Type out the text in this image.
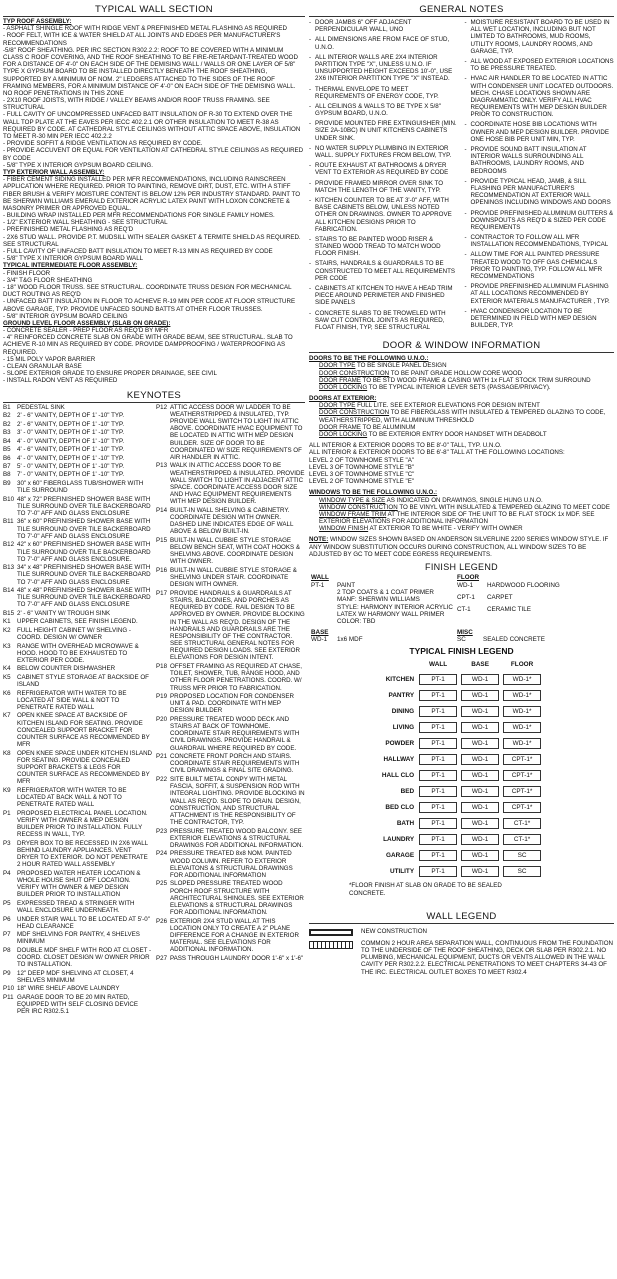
TYPICAL WALL SECTION
TYP ROOF ASSEMBLY:
- ASPHALT SHINGLE ROOF WITH RIDGE VENT & PREFINISHED METAL FLASHING AS REQUIRED
- ROOF FELT, WITH ICE & WATER SHIELD AT ALL JOINTS AND EDGES PER MANUFACTURER'S RECOMMENDATIONS
-5/8" ROOF SHEATHING. PER IRC SECTION R302.2.2: ROOF TO BE COVERED WITH A MINIMUM CLASS C ROOF COVERING, AND THE ROOF SHEATHING TO BE FIRE-RETARDANT-TREATED WOOD FOR A DISTANCE OF 4'-0" ON EACH SIDE OF THE DEMISING WALL / WALLS OR ONE LAYER OF 5/8" TYPE X GYPSUM BOARD TO BE INSTALLED DIRECTLY BENEATH THE ROOF SHEATHING, SUPPORTED BY A MINIMUM OF NOM. 2" LEDGERS ATTACHED TO THE SIDES OF THE ROOF FRAMING MEMBERS, FOR A MINIMUM DISTANCE OF 4'-0" ON EACH SIDE OF THE DEMISING WALL. NO ROOF PENETRATIONS IN THIS ZONE
- 2X10 ROOF JOISTS, WITH RIDGE / VALLEY BEAMS AND/OR ROOF TRUSS FRAMING. SEE STRUCTURAL
- FULL CAVITY OF UNCOMPRESSED UNFACED BATT INSULATION OF R-30 TO EXTEND OVER THE WALL TOP PLATE AT THE EAVES PER IECC 402.2.1 OR OTHER INSULATION TO MEET R-38 AS REQUIRED BY CODE. AT CATHEDRAL STYLE CEILINGS WITHOUT ATTIC SPACE ABOVE, INSULATION TO MEET R-30 MIN PER IECC 402.2.2
- PROVIDE SOFFIT & RIDGE VENTILATION AS REQUIRED BY CODE.
- PROVIDE ACCUVENT OR EQUAL FOR VENTILATION AT CATHEDRAL STYLE CEILINGS AS REQUIRED BY CODE
- 5/8" TYPE X INTERIOR GYPSUM BOARD CEILING.
TYP EXTERIOR WALL ASSEMBLY:
- FIBER CEMENT SIDING INSTALLED PER MFR RECOMMENDATIONS, INCLUDING RAINSCREEN APPLICATION WHERE REQUIRED. PRIOR TO PAINTING, REMOVE DIRT, DUST, ETC. WITH A STIFF FIBER BRUSH & VERIFY MOISTURE CONTENT IS BELOW 12% PER INDUSTRY STANDARD. PAINT TO BE SHERWIN WILLIAMS EMERALD EXTERIOR ACRYLIC LATEX PAINT WITH LOXON CONCRETE & MASONRY PRIMER OR APPROVED EQUAL.
- BUILDING WRAP INSTALLED PER MFR RECOMMENDATIONS FOR SINGLE FAMILY HOMES.
- 1/2" EXTERIOR WALL SHEATHING - SEE STRUCTURAL
- PREFINISHED METAL FLASHING AS REQ'D
- 2X6 STUD WALL. PROVIDE P.T. MUDSILL WITH SEALER GASKET & TERMITE SHIELD AS REQUIRED. SEE STRUCTURAL
- FULL CAVITY OF UNFACED BATT INSULATION TO MEET R-13 MIN AS REQUIRED BY CODE
- 5/8" TYPE X INTERIOR GYPSUM BOARD WALL
TYPICAL INTERMEDIATE FLOOR ASSEMBLY:
- FINISH FLOOR
- 3/4" T&G FLOOR SHEATHING
- 18" WOOD FLOOR TRUSS. SEE STRUCTURAL. COORDINATE TRUSS DESIGN FOR MECHANICAL DUCT ROUTING AS REQ'D
- UNFACED BATT INSULATION IN FLOOR TO ACHIEVE R-19 MIN PER CODE AT FLOOR STRUCTURE ABOVE GARAGE, TYP. PROVIDE UNFACED SOUND BATTS AT OTHER FLOOR TRUSSES.
- 5/8" INTERIOR GYPSUM BOARD CEILING
GROUND LEVEL FLOOR ASSEMBLY (SLAB ON GRADE):
- CONCRETE SEALER - PREP FLOOR AS REQ'D BY MFR
- 4" REINFORCED CONCRETE SLAB ON GRADE WITH GRADE BEAM, SEE STRUCTURAL. SLAB TO ACHIEVE R-10 MIN AS REQUIRED BY CODE. PROVIDE DAMPPROOFING / WATERPROOFING AS REQUIRED.
- 15 MIL POLY VAPOR BARRIER
- CLEAN GRANULAR BASE
- SLOPE EXTERIOR GRADE TO ENSURE PROPER DRAINAGE, SEE CIVIL
- INSTALL RADON VENT AS REQUIRED
KEYNOTES
B1	PEDESTAL SINK
B2	2' - 6" VANITY, DEPTH OF 1' -10" TYP.
B2	2' - 6" VANITY, DEPTH OF 1' -10" TYP.
B3	3' - 0" VANITY, DEPTH OF 1' -10" TYP.
B4	4' - 0" VANITY, DEPTH OF 1' -10" TYP.
B5	4' - 6" VANITY, DEPTH OF 1' -10" TYP.
B6	4' - 0" VANITY, DEPTH OF 1' -10" TYP.
B7	5' - 0" VANITY, DEPTH OF 1' -10" TYP.
B8	7' - 0" VANITY, DEPTH OF 1' -10" TYP.
B9	30" x 60" FIBERGLASS TUB/SHOWER WITH TILE SURROUND
B10 48" x 72" PREFINISHED SHOWER BASE WITH TILE SURROUND OVER TILE BACKERBOARD TO 7'-0" AFF AND GLASS ENCLOSURE
B11 36" x 60" PREFINISHED SHOWER BASE WITH TILE SURROUND OVER TILE BACKERBOARD TO 7'-0" AFF AND GLASS ENCLOSURE
B12 42" x 60" PREFINISHED SHOWER BASE WITH TILE SURROUND OVER TILE BACKERBOARD TO 7'-0" AFF AND GLASS ENCLOSURE.
B13 34" x 48" PREFINISHED SHOWER BASE WITH TILE SURROUND OVER TILE BACKERBOARD TO 7'-0" AFF AND GLASS ENCLOSURE
B14 48" x 48" PREFINISHED SHOWER BASE WITH TILE SURROUND OVER TILE BACKERBOARD TO 7'-0" AFF AND GLASS ENCLOSURE
B15 2' - 6" VANITY W/ TROUGH SINK
K1	UPPER CABINETS, SEE FINISH LEGEND.
K2	FULL HEIGHT CABINET W/ SHELVING - COORD. DESIGN W/ OWNER
K3	RANGE WITH OVERHEAD MICROWAVE & HOOD. HOOD TO BE EXHAUSTED TO EXTERIOR PER CODE.
K4	BELOW COUNTER DISHWASHER
K5	CABINET STYLE STORAGE AT BACKSIDE OF ISLAND
K6	REFRIGERATOR WITH WATER TO BE LOCATED AT SIDE WALL & NOT TO PENETRATE RATED WALL
K7	OPEN KNEE SPACE AT BACKSIDE OF KITCHEN ISLAND FOR SEATING. PROVIDE CONCEALED SUPPORT BRACKET FOR COUNTER SURFACE AS RECOMMENDED BY MFR
K8	OPEN KNEE SPACE UNDER KITCHEN ISLAND FOR SEATING. PROVIDE CONCEALED SUPPORT BRACKETS & LEGS FOR COUNTER SURFACE AS RECOMMENDED BY MFR
K9	REFRIGERATOR WITH WATER TO BE LOCATED AT BACK WALL & NOT TO PENETRATE RATED WALL
P1	PROPOSED ELECTRICAL PANEL LOCATION. VERIFY WITH OWNER & MEP DESIGN BUILDER PRIOR TO INSTALLATION. FULLY RECESS IN WALL, TYP.
P3	DRYER BOX TO BE RECESSED IN 2X6 WALL BEHIND LAUNDRY APPLIANCES. VENT DRYER TO EXTERIOR. DO NOT PENETRATE 2 HOUR RATED WALL ASSEMBLY
P4	PROPOSED WATER HEATER LOCATION & WHOLE HOUSE SHUT OFF LOCATION. VERIFY WITH OWNER & MEP DESIGN BUILDER PRIOR TO INSTALLATION
P5	EXPRESSED TREAD & STRINGER WITH WALL ENCLOSURE UNDERNEATH.
P6	UNDER STAIR WALL TO BE LOCATED AT 5'-0" HEAD CLEARANCE
P7	MDF SHELVING FOR PANTRY, 4 SHELVES MINIMUM
P8	DOUBLE MDF SHELF WITH ROD AT CLOSET - COORD. CLOSET DESIGN W/ OWNER PRIOR TO INSTALLATION.
P9	12" DEEP MDF SHELVING AT CLOSET, 4 SHELVES MINIMUM
P10 18" WIRE SHELF ABOVE LAUNDRY
P11 GARAGE DOOR TO BE 20 MIN RATED, EQUIPPED WITH SELF CLOSING DEVICE PER IRC R302.5.1
P12 ATTIC ACCESS DOOR W/ LADDER TO BE WEATHERSTRIPPED & INSULATED, TYP. PROVIDE WALL SWITCH TO LIGHT IN ATTIC ABOVE. COORDINATE HVAC EQUIPMENT TO BE LOCATED IN ATTIC WITH MEP DESIGN BUILDER. SIZE OF DOOR TO BE COORDINATED W/ SIZE REQUIREMENTS OF AIR HANDLER IN ATTIC.
P13 WALK IN ATTIC ACCESS DOOR TO BE WEATHERSTRIPPED & INSULATED. PROVIDE WALL SWITCH TO LIGHT IN ADJACENT ATTIC SPACE. COORDINATE ACCESS DOOR SIZE AND HVAC EQUIPMENT REQUIREMENTS WITH MEP DESIGN BUILDER.
P14 BUILT-IN WALL SHELVING & CABINETRY. COORDINATE DESIGN WITH OWNER. DASHED LINE INDICATES EDGE OF WALL ABOVE & BELOW BUILT-IN.
P15 BUILT-IN WALL CUBBIE STYLE STORAGE BELOW BENCH SEAT, WITH COAT HOOKS & SHELVING ABOVE. COORDINATE DESIGN WITH OWNER.
P16 BUILT-IN WALL CUBBIE STYLE STORAGE & SHELVING UNDER STAIR. COORDINATE DESIGN WITH OWNER.
P17 PROVIDE HANDRAILS & GUARDRAILS AT STAIRS, BALCONIES, AND PORCHES AS REQUIRED BY CODE. RAIL DESIGN TO BE APPROVED BY OWNER. PROVIDE BLOCKING IN THE WALL AS REQ'D. DESIGN OF THE HANDRAILS AND GUARDRAILS ARE THE RESPONSIBILITY OF THE CONTRACTOR. SEE STRUCTURAL GENERAL NOTES FOR REQUIRED DESIGN LOADS. SEE EXTERIOR ELEVATIONS FOR DESIGN INTENT.
P18 OFFSET FRAMING AS REQUIRED AT CHASE, TOILET, SHOWER, TUB, RANGE HOOD, AND OTHER FLOOR PENETRATIONS. COORD. W/ TRUSS MFR PRIOR TO FABRICATION.
P19 PROPOSED LOCATION FOR CONDENSER UNIT & PAD. COORDINATE WITH MEP DESIGN BUILDER
P20 PRESSURE TREATED WOOD DECK AND STAIRS AT BACK OF TOWNHOME. COORDINATE STAIR REQUIREMENTS WITH CIVIL DRAWINGS. PROVIDE HANDRAIL & GUARDRAIL WHERE REQUIRED BY CODE.
P21 CONCRETE FRONT PORCH AND STAIRS. COORDINATE STAIR REQUIREMENTS WITH CIVIL DRAWINGS & FINAL SITE GRADING.
P22 SITE BUILT METAL CONPY WITH METAL FASCIA, SOFFIT, & SUSPENSION ROD WITH INTEGRAL LIGHTING. PROVIDE BLOCKING IN WALL AS REQ'D. SLOPE TO DRAIN. DESIGN, CONSTRUCTION, AND STRUCTURAL ATTACHMENT IS THE RESPONSIBILITY OF THE CONTRACTOR, TYP.
P23 PRESSURE TREATED WOOD BALCONY. SEE EXTERIOR ELEVATIONS & STRUCTURAL DRAWINGS FOR ADDITIONAL INFORMATION.
P24 PRESSURE TREATED 8x8 NOM. PAINTED WOOD COLUMN. REFER TO EXTERIOR ELEVAITONS & STRUCTURAL DRAWINGS FOR ADDITIONAL INFORMATION
P25 SLOPED PRESSURE TREATED WOOD PORCH ROOF STRUCTURE WITH ARCHITECTURAL SHINGLES. SEE EXTERIOR ELEVATIONS & STRUCTURAL DRAWINGS FOR ADDITIONAL INFORMATION.
P26 EXTERIOR 2X4 STUD WALL AT THIS LOCATION ONLY TO CREATE A 2" PLANE DIFFERENCE FOR A CHANGE IN EXTERIOR MATERIAL. SEE ELEVATIONS FOR ADDITIONAL INFORMATION.
P27 PASS THROUGH LAUNDRY DOOR 1'-6" x 1'-6"
GENERAL NOTES
- DOOR JAMBS 6" OFF ADJACENT PERPENDICULAR WALL, UNO
- ALL DIMENSIONS ARE FROM FACE OF STUD, U.N.O.
- ALL INTERIOR WALLS ARE 2X4 INTERIOR PARTITION TYPE "X", UNLESS U.N.O. IF UNSUPPORTED HEIGHT EXCEEDS 10'-0", USE 2X6 INTERIOR PARTITION TYPE "X" INSTEAD.
- THERMAL ENVELOPE TO MEET REQUIREMENTS OF ENERGY CODE, TYP.
- ALL CEILINGS & WALLS TO BE TYPE X 5/8" GYPSUM BOARD, U.N.O.
- PROVIDE MOUNTED FIRE EXTINGUISHER (MIN. SIZE 2A-10BC) IN UNIT KITCHENS CABINETS UNDER SINK.
- NO WATER SUPPLY PLUMBING IN EXTERIOR WALL. SUPPLY FIXTURES FROM BELOW, TYP.
- ROUTE EXHAUST AT BATHROOMS & DRYER VENT TO EXTERIOR AS REQUIRED BY CODE
- PROVIDE FRAMED MIRROR OVER SINK TO MATCH THE LENGTH OF THE VANITY, TYP.
- KITCHEN COUNTER TO BE AT 3'-0" AFF, WITH BASE CABINETS BELOW, UNLESS NOTED OTHER ON DRAWINGS. OWNER TO APPROVE ALL KITCHEN DESIGNS PRIOR TO FABRICATION.
- STAIRS TO BE PAINTED WOOD RISER & STAINED WOOD TREAD TO MATCH WOOD FLOOR FINISH.
- STAIRS, HANDRAILS & GUARDRAILS TO BE CONSTRUCTED TO MEET ALL REQUIREMENTS PER CODE
- CABINETS AT KITCHEN TO HAVE A HEAD TRIM PIECE AROUND PERIMETER AND FINISHED SIDE PANELS
- CONCRETE SLABS TO BE TROWELED WITH SAW CUT CONTROL JOINTS AS REQUIRED, FLOAT FINISH, TYP, SEE STRUCTURAL
- MOISTURE RESISTANT BOARD TO BE USED IN ALL WET LOCATION, INCLUDING BUT NOT LIMITED TO BATHROOMS, MUD ROOMS, UTILITY ROOMS, LAUNDRY ROOMS, AND GARAGE, TYP.
- ALL WOOD AT EXPOSED EXTERIOR LOCATIONS TO BE PRESSURE TREATED.
- HVAC AIR HANDLER TO BE LOCATED IN ATTIC WITH CONDENSER UNIT LOCATED OUTDOORS. MECH. CHASE LOCATIONS SHOWN ARE DIAGRAMMATIC ONLY. VERIFY ALL HVAC REQUIREMENTS WITH MEP DESIGN BUILDER PRIOR TO CONSTRUCTION.
- COORDINATE HOSE BIB LOCATIONS WITH OWNER AND MEP DESIGN BUILDER. PROVIDE ONE HOSE BIB PER UNIT MIN, TYP.
- PROVIDE SOUND BATT INSULATION AT INTERIOR WALLS SURROUNDING ALL BATHROOMS, LAUNDRY ROOMS, AND BEDROOMS
- PROVIDE TYPICAL HEAD, JAMB, & SILL FLASHING PER MANUFACTURER'S RECOMMENDATION AT EXTERIOR WALL OPENINGS INCLUDING WINDOWS AND DOORS
- PROVIDE PREFINISHED ALUMINUM GUTTERS & DOWNSPOUTS AS REQ'D & SIZED PER CODE REQUIREMENTS
- CONTRACTOR TO FOLLOW ALL MFR INSTALLATION RECOMMENDATIONS, TYPICAL
- ALLOW TIME FOR ALL PAINTED PRESSURE TREATED WOOD TO OFF GAS CHEMICALS PRIOR TO PAINTING, TYP. FOLLOW ALL MFR RECOMMENDATIONS
- PROVIDE PREFINISHED ALUMINUM FLASHING AT ALL LOCATIONS RECOMMENDED BY EXTERIOR MATERIALS MANUFACTURER , TYP.
- HVAC CONDENSOR LOCATION TO BE DETERMINED IN FIELD WITH MEP DESIGN BUILDER, TYP.
DOOR & WINDOW INFORMATION
DOORS TO BE THE FOLLOWING U.N.O.:
DOOR TYPE TO BE SINGLE PANEL DESIGN
DOOR CONSTRUCTION TO BE PAINT GRADE HOLLOW CORE WOOD
DOOR FRAME TO BE STD WOOD FRAME & CASING WITH 1x FLAT STOCK TRIM SURROUND
DOOR LOCKING TO BE TYPICAL INTERIOR LEVER SETS (PASSAGE/PRIVACY).
DOORS AT EXTERIOR:
DOOR TYPE FULL LITE. SEE EXTERIOR ELEVATIONS FOR DESIGN INTENT
DOOR CONSTRUCTION TO BE FIBERGLASS WITH INSULATED & TEMPERED GLAZING TO CODE, WEATHERSTRIPPED, WITH ALUMINUM THRESHOLD
DOOR FRAME TO BE ALUMINUM
DOOR LOCKING TO BE EXTERIOR ENTRY DOOR HANDSET WITH DEADBOLT
ALL INTERIOR & EXTERIOR DOORS TO BE 8'-0" TALL, TYP. U.N.O.
ALL INTERIOR & EXTERIOR DOORS TO BE 6'-8" TALL AT THE FOLLOWING LOCATIONS:
LEVEL 2 OF TOWNHOME STYLE "A"
LEVEL 3 OF TOWNHOME STYLE "B"
LEVEL 3 OF TOWNHOME STYLE "C"
LEVEL 2 OF TOWNHOME STYLE "E"
WINDOWS TO BE THE FOLLOWING U.N.O.:
WINDOW TYPE & SIZE AS INDICATED ON DRAWINGS, SINGLE HUNG U.N.O.
WINDOW CONSTRUCTION TO BE VINYL WITH INSULATED & TEMPERED GLAZING TO MEET CODE
WINDOW FRAME TRIM AT THE INTERIOR SIDE OF THE UNIT TO BE FLAT STOCK 1x MDF. SEE EXTERIOR ELEVATIONS FOR ADDITIONAL INFORMATION
WINDOW FINISH AT EXTERIOR TO BE WHITE - VERIFY WITH OWNER
NOTE: WINDOW SIZES SHOWN BASED ON ANDERSON SILVERLINE 2200 SERIES WINDOW STYLE. IF ANY WINDOW SUBSTITUTION OCCURS DURING CONSTRUCTION, ALL WINDOW SIZES TO BE ADJUSTED BY GC TO MEET CODE EGRESS REQUIREMENTS.
FINISH LEGEND
WALL	FLOOR
PT-1	PAINT
2 TOP COATS & 1 COAT PRIMER
MANF: SHERWIN WILLIAMS
STYLE: HARMONY INTERIOR ACRYLIC LATEX W/ HARMONY WALL PRIMER
COLOR: TBD	
WD-1	HARDWOOD FLOORING
CPT-1	CARPET
CT-1	CERAMIC TILE

BASE	MISC
WD-1	1x6 MDF	SC	SEALED CONCRETE
TYPICAL FINISH LEGEND
	WALL	BASE	FLOOR
KITCHEN	PT-1	WD-1	WD-1*
PANTRY	PT-1	WD-1	WD-1*
DINING	PT-1	WD-1	WD-1*
LIVING	PT-1	WD-1	WD-1*
POWDER	PT-1	WD-1	WD-1*
HALLWAY	PT-1	WD-1	CPT-1*
HALL CLO	PT-1	WD-1	CPT-1*
BED	PT-1	WD-1	CPT-1*
BED CLO	PT-1	WD-1	CPT-1*
BATH	PT-1	WD-1	CT-1*
LAUNDRY	PT-1	WD-1	CT-1*
GARAGE	PT-1	WD-1	SC
UTILITY	PT-1	WD-1	SC
*FLOOR FINISH AT SLAB ON GRADE TO BE SEALED CONCRETE.
WALL LEGEND
NEW CONSTRUCTION
COMMON 2 HOUR AREA SEPARATION WALL, CONTINUOUS FROM THE FOUNDATION TO THE UNDERSIDE OF THE ROOF SHEATHING, DECK OR SLAB PER R302.2.1. NO PLUMBING, MECHANICAL EQUIPMENT, DUCTS OR VENTS ALLOWED IN THE WALL CAVITY PER R302.2.2. ELECTRICAL PENETRATIONS TO MEET CHAPTERS 34-43 OF THE IRC. ELECTRICAL OUTLET BOXES TO MEET R302.4
